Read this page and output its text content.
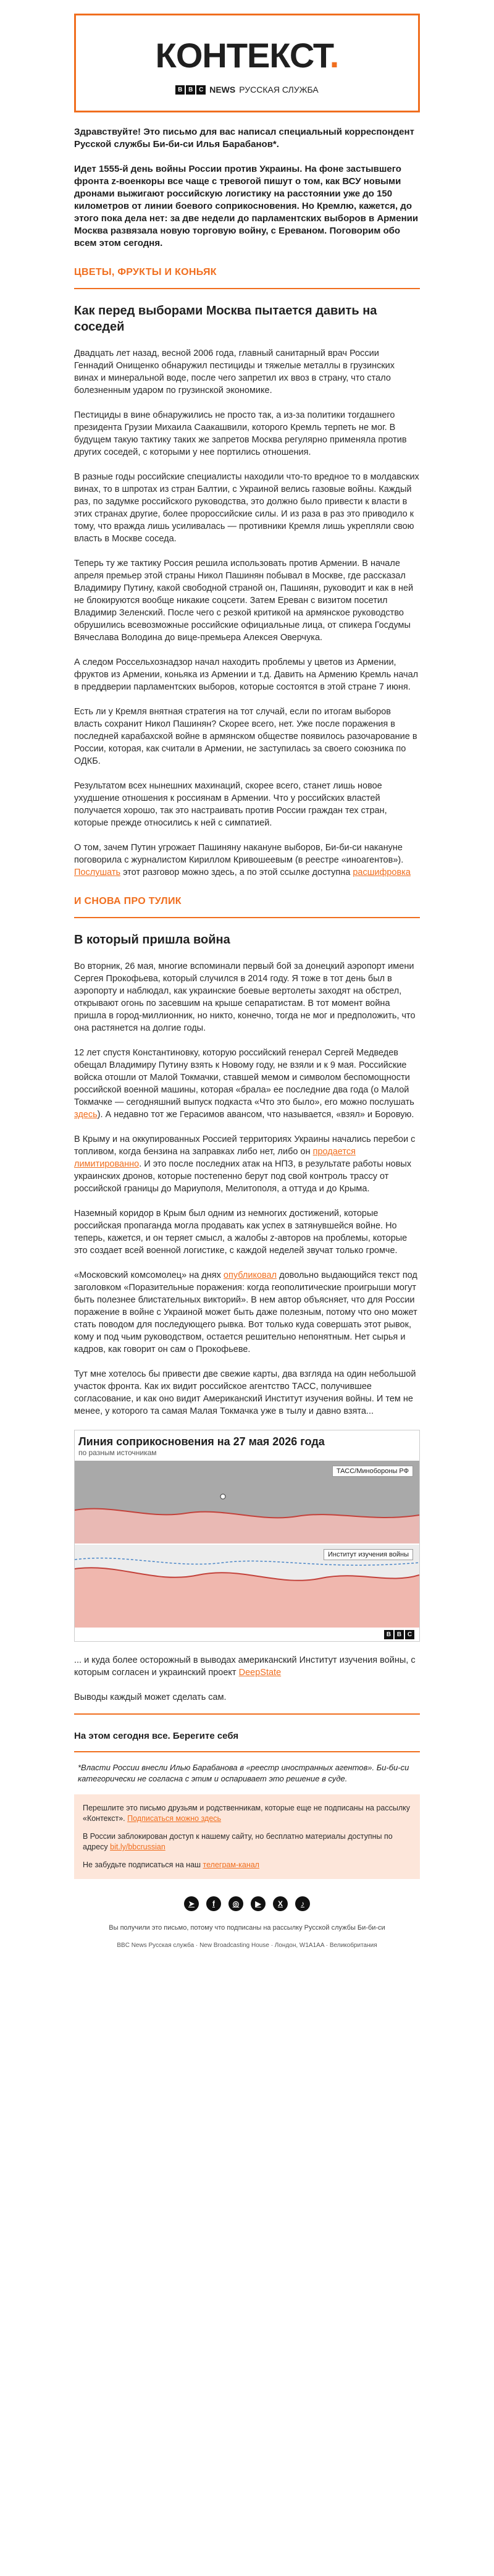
КОНТЕКСТ.
B B C NEWS РУССКАЯ СЛУЖБА

Здравствуйте! Это письмо для вас написал специальный корреспондент Русской службы Би-би-си Илья Барабанов*.

Идет 1555-й день войны России против Украины. На фоне застывшего фронта z-военкоры все чаще с тревогой пишут о том, как ВСУ новыми дронами выжигают российскую логистику на расстоянии уже до 150 километров от линии боевого соприкосновения. Но Кремлю, кажется, до этого пока дела нет: за две недели до парламентских выборов в Армении Москва развязала новую торговую войну, с Ереваном. Поговорим обо всем этом сегодня.

ЦВЕТЫ, ФРУКТЫ И КОНЬЯК
Как перед выборами Москва пытается давить на соседей

Двадцать лет назад, весной 2006 года, главный санитарный врач России Геннадий Онищенко обнаружил пестициды и тяжелые металлы в грузинских винах и минеральной воде, после чего запретил их ввоз в страну, что стало болезненным ударом по грузинской экономике.

Пестициды в вине обнаружились не просто так, а из-за политики тогдашнего президента Грузии Михаила Саакашвили, которого Кремль терпеть не мог. В будущем такую тактику таких же запретов Москва регулярно применяла против других соседей, с которыми у нее портились отношения.

В разные годы российские специалисты находили что-то вредное то в молдавских винах, то в шпротах из стран Балтии, с Украиной велись газовые войны. Каждый раз, по задумке российского руководства, это должно было привести к власти в этих странах другие, более пророссийские силы. И из раза в раз это приводило к тому, что вражда лишь усиливалась — противники Кремля лишь укрепляли свою власть в Москве соседа.

Теперь ту же тактику Россия решила использовать против Армении. В начале апреля премьер этой страны Никол Пашинян побывал в Москве, где рассказал Владимиру Путину, какой свободной страной он, Пашинян, руководит и как в ней не блокируются вообще никакие соцсети. Затем Ереван с визитом посетил Владимир Зеленский. После чего с резкой критикой на армянское руководство обрушились всевозможные российские официальные лица, от спикера Госдумы Вячеслава Володина до вице-премьера Алексея Оверчука.

А следом Россельхознадзор начал находить проблемы у цветов из Армении, фруктов из Армении, коньяка из Армении и т.д. Давить на Армению Кремль начал в преддверии парламентских выборов, которые состоятся в этой стране 7 июня.

Есть ли у Кремля внятная стратегия на тот случай, если по итогам выборов власть сохранит Никол Пашинян? Скорее всего, нет. Уже после поражения в последней карабахской войне в армянском обществе появилось разочарование в России, которая, как считали в Армении, не заступилась за своего союзника по ОДКБ.

Результатом всех нынешних махинаций, скорее всего, станет лишь новое ухудшение отношения к россиянам в Армении. Что у российских властей получается хорошо, так это настраивать против России граждан тех стран, которые прежде относились к ней с симпатией.

О том, зачем Путин угрожает Пашиняну накануне выборов, Би-би-си накануне поговорила с журналистом Кириллом Кривошеевым (в реестре «иноагентов»). Послушать этот разговор можно здесь, а по этой ссылке доступна расшифровка

И СНОВА ПРО ТУЛИК
В который пришла война

Во вторник, 26 мая, многие вспоминали первый бой за донецкий аэропорт имени Сергея Прокофьева, который случился в 2014 году. Я тоже в тот день был в аэропорту и наблюдал, как украинские боевые вертолеты заходят на обстрел, открывают огонь по засевшим на крыше сепаратистам. В тот момент война пришла в город-миллионник, но никто, конечно, тогда не мог и предположить, что она растянется на долгие годы.

12 лет спустя Константиновку, которую российский генерал Сергей Медведев обещал Владимиру Путину взять к Новому году, не взяли и к 9 мая. Российские войска отошли от Малой Токмачки, ставшей мемом и символом беспомощности российской военной машины, которая «брала» ее последние два года (о Малой Токмачке — сегодняшний выпуск подкаста «Что это было», его можно послушать здесь). А недавно тот же Герасимов авансом, что называется, «взял» и Боровую.

В Крыму и на оккупированных Россией территориях Украины начались перебои с топливом, когда бензина на заправках либо нет, либо он продается лимитированно. И это после последних атак на НПЗ, в результате работы новых украинских дронов, которые постепенно берут под свой контроль трассу от российской границы до Мариуполя, Мелитополя, а оттуда и до Крыма.

Наземный коридор в Крым был одним из немногих достижений, которые российская пропаганда могла продавать как успех в затянувшейся войне. Но теперь, кажется, и он теряет смысл, а жалобы z-авторов на проблемы, которые это создает всей военной логистике, с каждой неделей звучат только громче.

«Московский комсомолец» на днях опубликовал довольно выдающийся текст под заголовком «Поразительные поражения: когда геополитические проигрыши могут быть полезнее блистательных викторий». В нем автор объясняет, что для России поражение в войне с Украиной может быть даже полезным, потому что оно может стать поводом для последующего рывка. Вот только куда совершать этот рывок, кому и под чьим руководством, остается решительно непонятным. Нет сырья и кадров, как говорит он сам о Прокофьеве.

Тут мне хотелось бы привести две свежие карты, два взгляда на один небольшой участок фронта. Как их видит российское агентство ТАСС, получившее согласование, и как оно видит Американский Институт изучения войны. И тем не менее, у которого та самая Малая Токмачка уже в тылу и давно взята...

Линия соприкосновения на 27 мая 2026 года
по разным источникам
ТАСС/Минобороны РФ
Институт изучения войны
B B C

... и куда более осторожный в выводах американский Институт изучения войны, с которым согласен и украинский проект DeepState

Выводы каждый может сделать сам.

На этом сегодня все. Берегите себя

*Власти России внесли Илью Барабанова в «реестр иностранных агентов». Би-би-си категорически не согласна с этим и оспаривает это решение в суде.

Перешлите это письмо друзьям и родственникам, которые еще не подписаны на рассылку «Контекст». Подписаться можно здесь

В России заблокирован доступ к нашему сайту, но бесплатно материалы доступны по адресу bit.ly/bbcrussian

Не забудьте подписаться на наш телеграм-канал

➤	f	◎	▶	X	♪

Вы получили это письмо, потому что подписаны на рассылку Русской службы Би-би-си

BBC News Русская служба · New Broadcasting House · Лондон, W1A1AA · Великобритания
